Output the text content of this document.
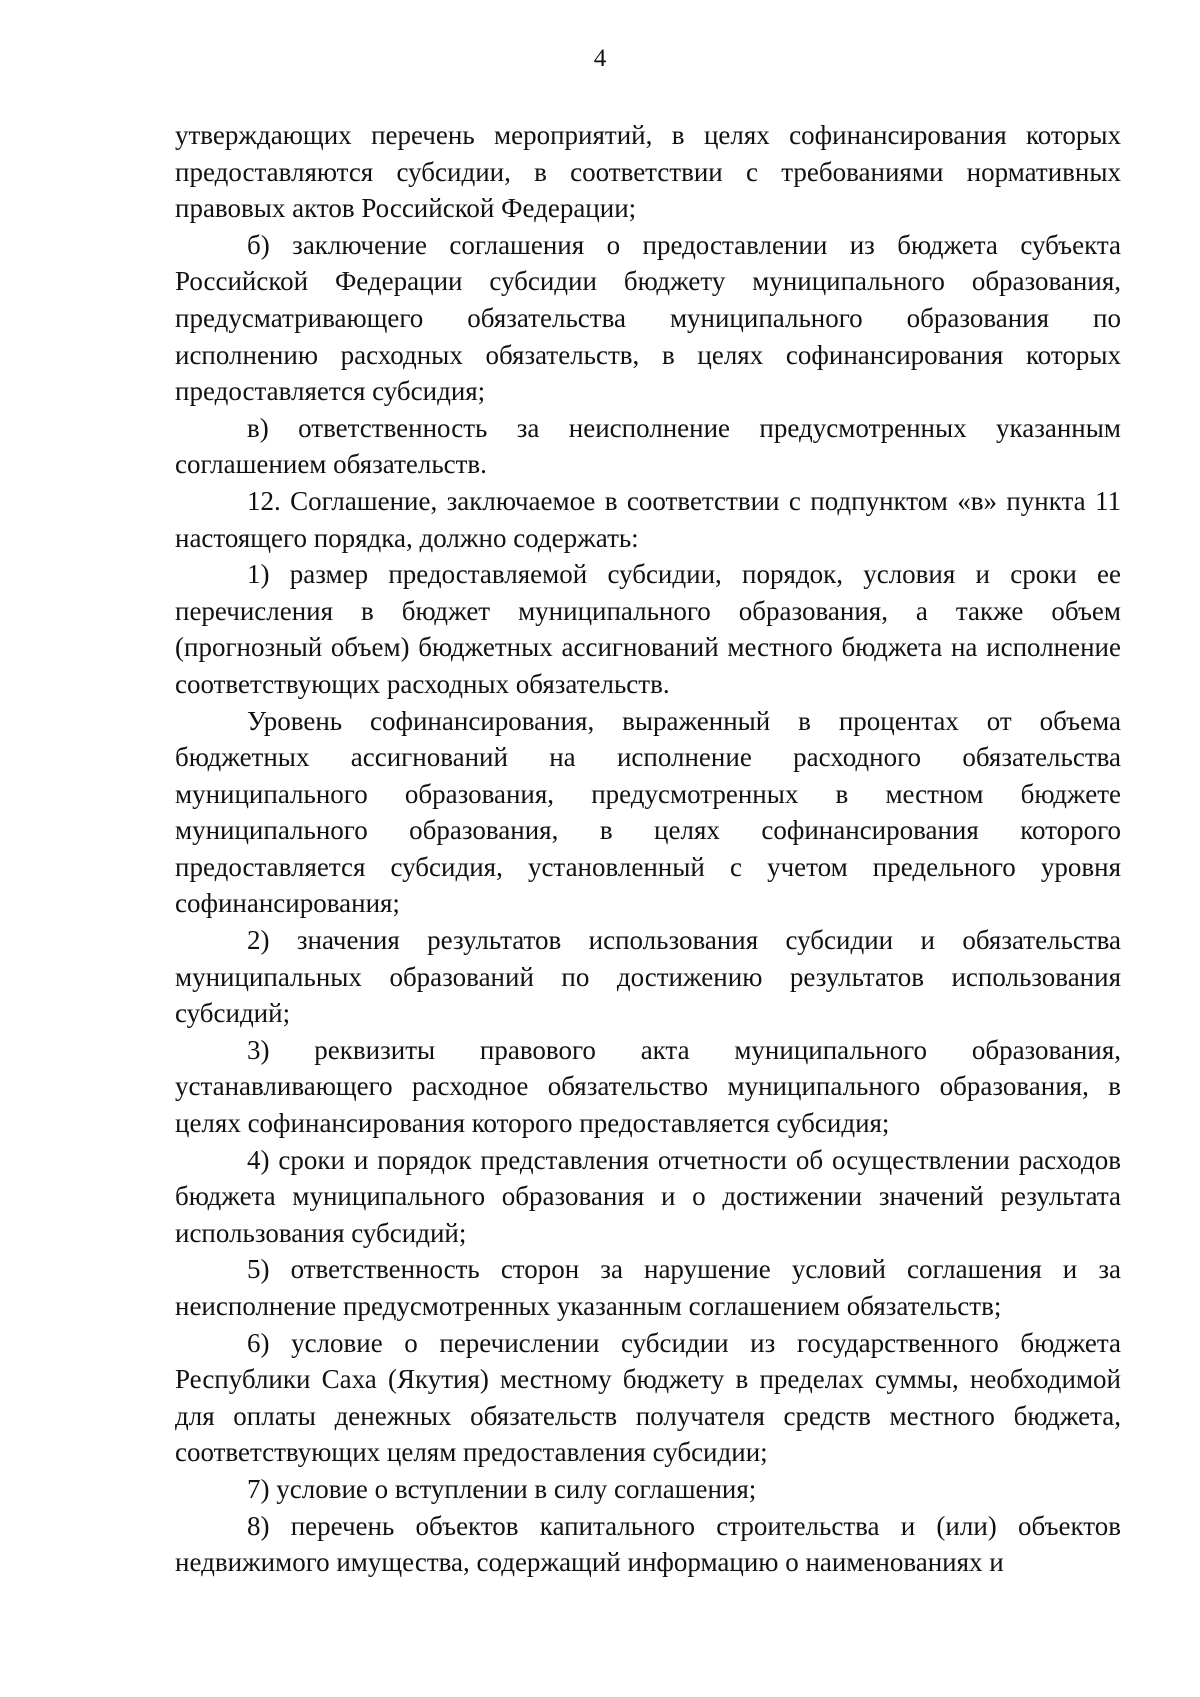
4

утверждающих перечень мероприятий, в целях софинансирования которых предоставляются субсидии, в соответствии с требованиями нормативных правовых актов Российской Федерации;

б) заключение соглашения о предоставлении из бюджета субъекта Российской Федерации субсидии бюджету муниципального образования, предусматривающего обязательства муниципального образования по исполнению расходных обязательств, в целях софинансирования которых предоставляется субсидия;

в) ответственность за неисполнение предусмотренных указанным соглашением обязательств.

12. Соглашение, заключаемое в соответствии с подпунктом «в» пункта 11 настоящего порядка, должно содержать:

1) размер предоставляемой субсидии, порядок, условия и сроки ее перечисления в бюджет муниципального образования, а также объем (прогнозный объем) бюджетных ассигнований местного бюджета на исполнение соответствующих расходных обязательств.

Уровень софинансирования, выраженный в процентах от объема бюджетных ассигнований на исполнение расходного обязательства муниципального образования, предусмотренных в местном бюджете муниципального образования, в целях софинансирования которого предоставляется субсидия, установленный с учетом предельного уровня софинансирования;

2) значения результатов использования субсидии и обязательства муниципальных образований по достижению результатов использования субсидий;

3) реквизиты правового акта муниципального образования, устанавливающего расходное обязательство муниципального образования, в целях софинансирования которого предоставляется субсидия;

4) сроки и порядок представления отчетности об осуществлении расходов бюджета муниципального образования и о достижении значений результата использования субсидий;

5) ответственность сторон за нарушение условий соглашения и за неисполнение предусмотренных указанным соглашением обязательств;

6) условие о перечислении субсидии из государственного бюджета Республики Саха (Якутия) местному бюджету в пределах суммы, необходимой для оплаты денежных обязательств получателя средств местного бюджета, соответствующих целям предоставления субсидии;

7) условие о вступлении в силу соглашения;

8) перечень объектов капитального строительства и (или) объектов недвижимого имущества, содержащий информацию о наименованиях и
